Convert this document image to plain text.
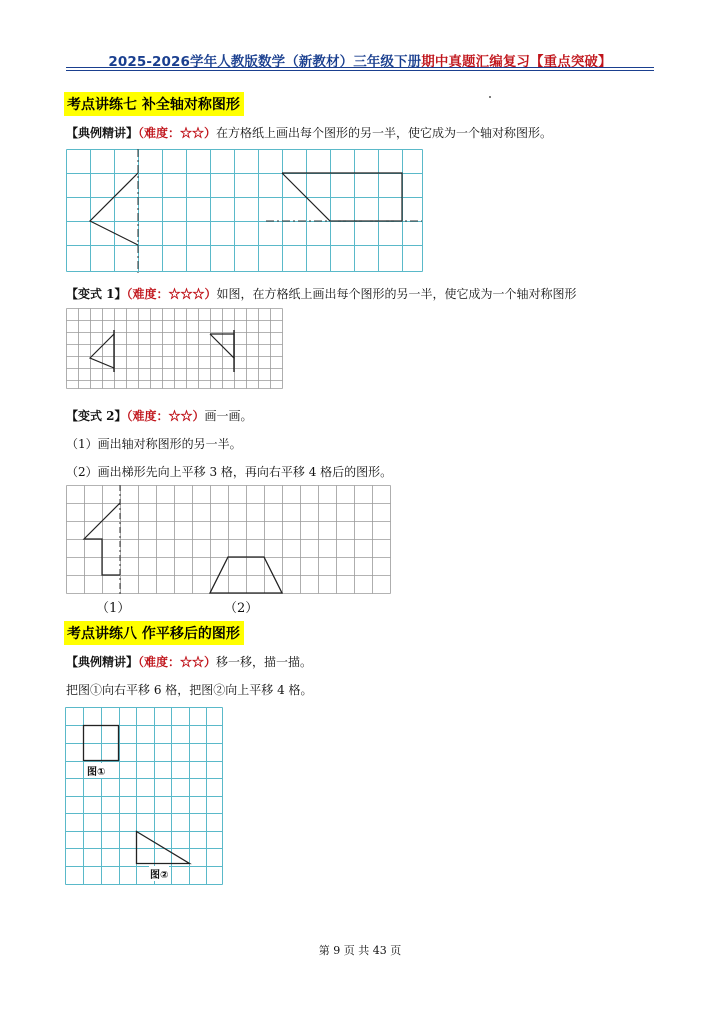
2025-2026学年人教版数学（新教材）三年级下册期中真题汇编复习【重点突破】
考点讲练七 补全轴对称图形
【典例精讲】（难度：☆☆）在方格纸上画出每个图形的另一半，使它成为一个轴对称图形。
【变式 1】（难度：☆☆☆）如图，在方格纸上画出每个图形的另一半，使它成为一个轴对称图形
【变式 2】（难度：☆☆）画一画。
（1）画出轴对称图形的另一半。
（2）画出梯形先向上平移 3 格，再向右平移 4 格后的图形。
（1）	（2）
考点讲练八 作平移后的图形
【典例精讲】（难度：☆☆）移一移，描一描。
把图①向右平移 6 格，把图②向上平移 4 格。
图①
图②
第 9 页 共 43 页
